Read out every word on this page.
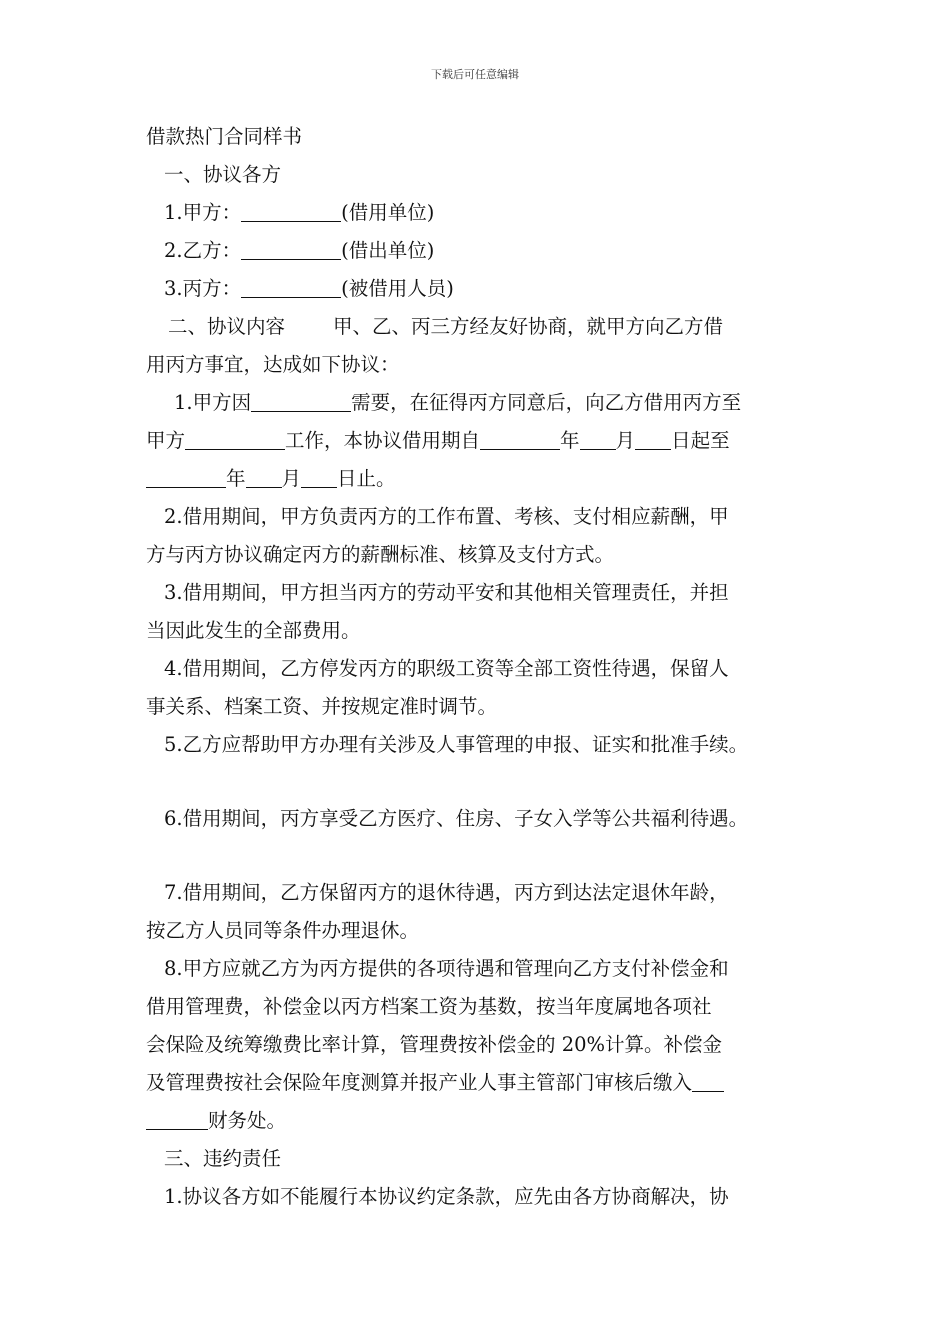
下载后可任意编辑
借款热门合同样书
一、协议各方
1.甲方：	(借用单位)
2.乙方：	(借出单位)
3.丙方：	(被借用人员)
二、协议内容 甲、乙、丙三方经友好协商，就甲方向乙方借
用丙方事宜，达成如下协议：
1.甲方因	需要，在征得丙方同意后，向乙方借用丙方至
甲方	工作，本协议借用期自	年 月 日起至
年 月 日止。
2.借用期间，甲方负责丙方的工作布置、考核、支付相应薪酬，甲
方与丙方协议确定丙方的薪酬标准、核算及支付方式。
3.借用期间，甲方担当丙方的劳动平安和其他相关管理责任，并担
当因此发生的全部费用。
4.借用期间，乙方停发丙方的职级工资等全部工资性待遇，保留人
事关系、档案工资、并按规定准时调节。
5.乙方应帮助甲方办理有关涉及人事管理的申报、证实和批准手续。
6.借用期间，丙方享受乙方医疗、住房、子女入学等公共福利待遇。
7.借用期间，乙方保留丙方的退休待遇，丙方到达法定退休年龄，
按乙方人员同等条件办理退休。
8.甲方应就乙方为丙方提供的各项待遇和管理向乙方支付补偿金和
借用管理费，补偿金以丙方档案工资为基数，按当年度属地各项社
会保险及统筹缴费比率计算，管理费按补偿金的 20%计算。补偿金
及管理费按社会保险年度测算并报产业人事主管部门审核后缴入
财务处。
三、违约责任
1.协议各方如不能履行本协议约定条款，应先由各方协商解决，协
